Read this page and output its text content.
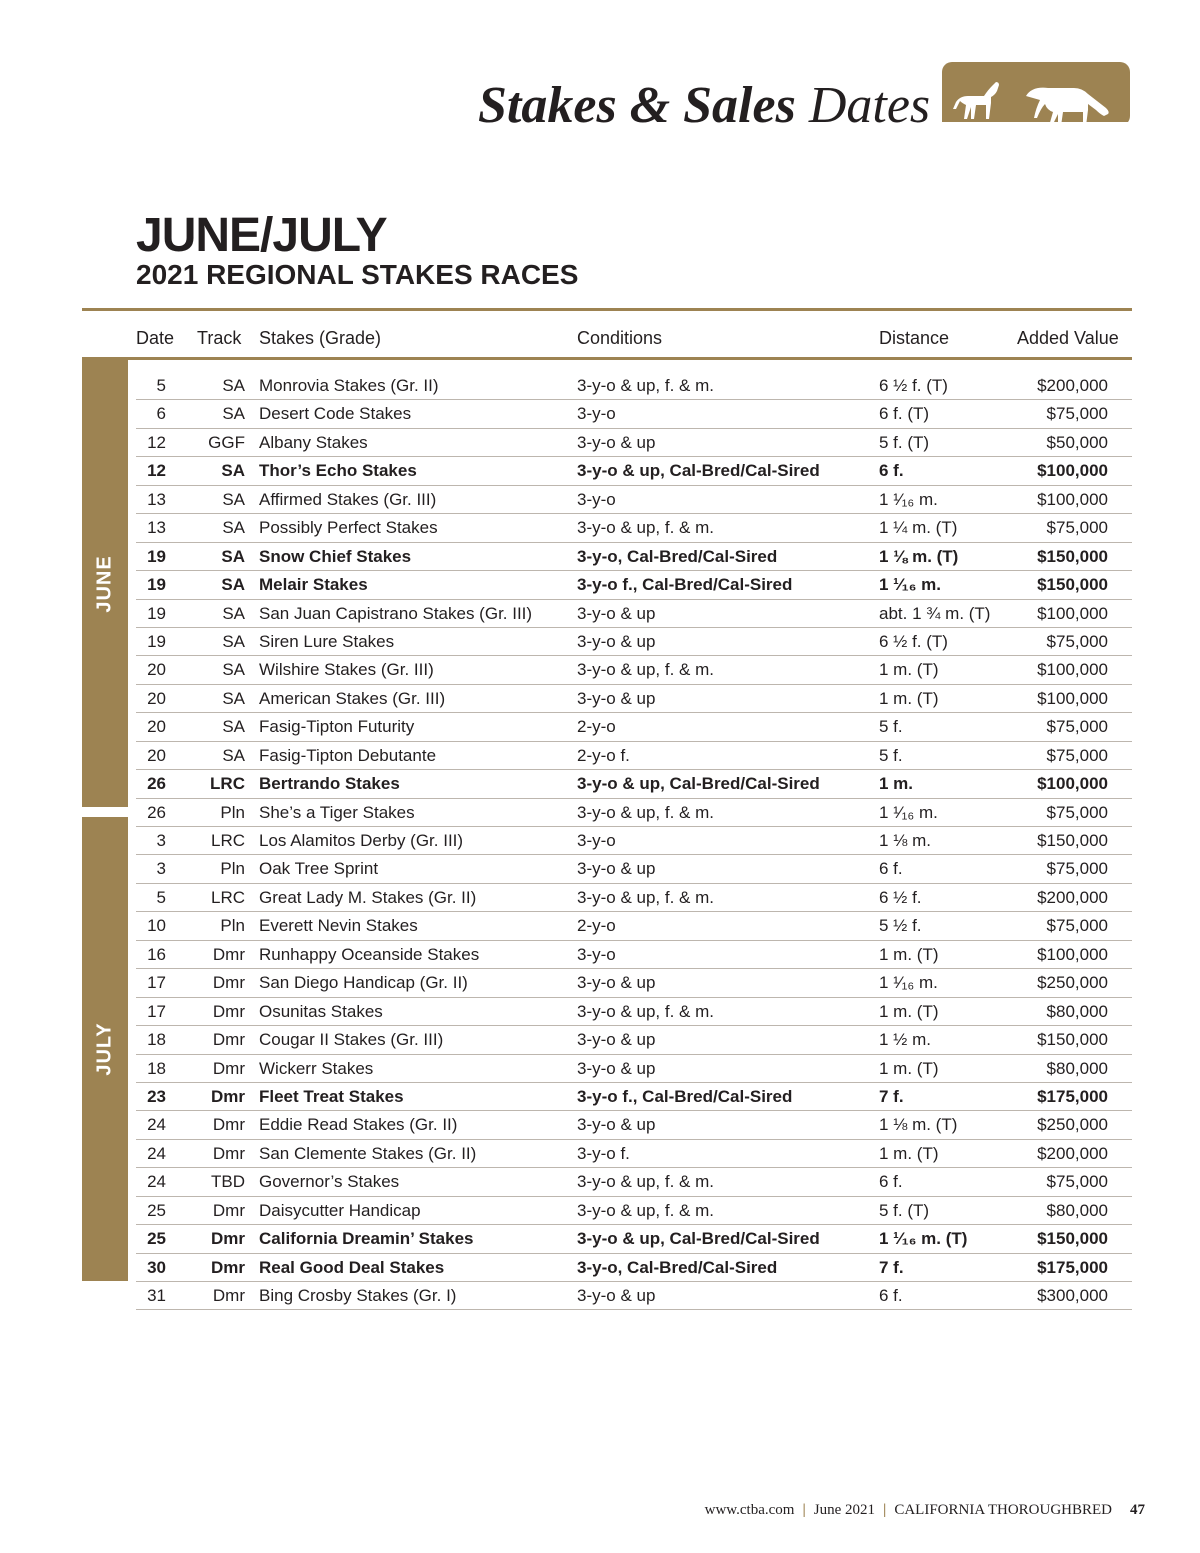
Stakes & Sales Dates
JUNE/JULY
2021 REGIONAL STAKES RACES
Date Track Stakes (Grade)	Conditions	Distance	Added Value
JUNE
JULY
5	SA Monrovia Stakes (Gr. II)	3-y-o & up, f. & m.	6 ½ f. (T)	$200,000
6	SA Desert Code Stakes	3-y-o	6 f. (T)	$75,000
12	GGF Albany Stakes	3-y-o & up	5 f. (T)	$50,000
12	SA Thor’s Echo Stakes	3-y-o & up, Cal-Bred/Cal-Sired	6 f.	$100,000
13	SA Affirmed Stakes (Gr. III)	3-y-o	1 ¹⁄₁₆ m.	$100,000
13	SA Possibly Perfect Stakes	3-y-o & up, f. & m.	1 ¼ m. (T)	$75,000
19	SA Snow Chief Stakes	3-y-o, Cal-Bred/Cal-Sired	1 ⅛ m. (T)	$150,000
19	SA Melair Stakes	3-y-o f., Cal-Bred/Cal-Sired	1 ¹⁄₁₆ m.	$150,000
19	SA San Juan Capistrano Stakes (Gr. III)	3-y-o & up	abt. 1 ¾ m. (T)	$100,000
19	SA Siren Lure Stakes	3-y-o & up	6 ½ f. (T)	$75,000
20	SA Wilshire Stakes (Gr. III)	3-y-o & up, f. & m.	1 m. (T)	$100,000
20	SA American Stakes (Gr. III)	3-y-o & up	1 m. (T)	$100,000
20	SA Fasig-Tipton Futurity	2-y-o	5 f.	$75,000
20	SA Fasig-Tipton Debutante	2-y-o f.	5 f.	$75,000
26	LRC Bertrando Stakes	3-y-o & up, Cal-Bred/Cal-Sired	1 m.	$100,000
26	Pln She’s a Tiger Stakes	3-y-o & up, f. & m.	1 ¹⁄₁₆ m.	$75,000
3	LRC Los Alamitos Derby (Gr. III)	3-y-o	1 ⅛ m.	$150,000
3	Pln Oak Tree Sprint	3-y-o & up	6 f.	$75,000
5	LRC Great Lady M. Stakes (Gr. II)	3-y-o & up, f. & m.	6 ½ f.	$200,000
10	Pln Everett Nevin Stakes	2-y-o	5 ½ f.	$75,000
16	Dmr Runhappy Oceanside Stakes	3-y-o	1 m. (T)	$100,000
17	Dmr San Diego Handicap (Gr. II)	3-y-o & up	1 ¹⁄₁₆ m.	$250,000
17	Dmr Osunitas Stakes	3-y-o & up, f. & m.	1 m. (T)	$80,000
18	Dmr Cougar II Stakes (Gr. III)	3-y-o & up	1 ½ m.	$150,000
18	Dmr Wickerr Stakes	3-y-o & up	1 m. (T)	$80,000
23	Dmr Fleet Treat Stakes	3-y-o f., Cal-Bred/Cal-Sired	7 f.	$175,000
24	Dmr Eddie Read Stakes (Gr. II)	3-y-o & up	1 ⅛ m. (T)	$250,000
24	Dmr San Clemente Stakes (Gr. II)	3-y-o f.	1 m. (T)	$200,000
24	TBD Governor’s Stakes	3-y-o & up, f. & m.	6 f.	$75,000
25	Dmr Daisycutter Handicap	3-y-o & up, f. & m.	5 f. (T)	$80,000
25	Dmr California Dreamin’ Stakes	3-y-o & up, Cal-Bred/Cal-Sired	1 ¹⁄₁₆ m. (T)	$150,000
30	Dmr Real Good Deal Stakes	3-y-o, Cal-Bred/Cal-Sired	7 f.	$175,000
31	Dmr Bing Crosby Stakes (Gr. I)	3-y-o & up	6 f.	$300,000
www.ctba.com | June 2021 | CALIFORNIA THOROUGHBRED 47
